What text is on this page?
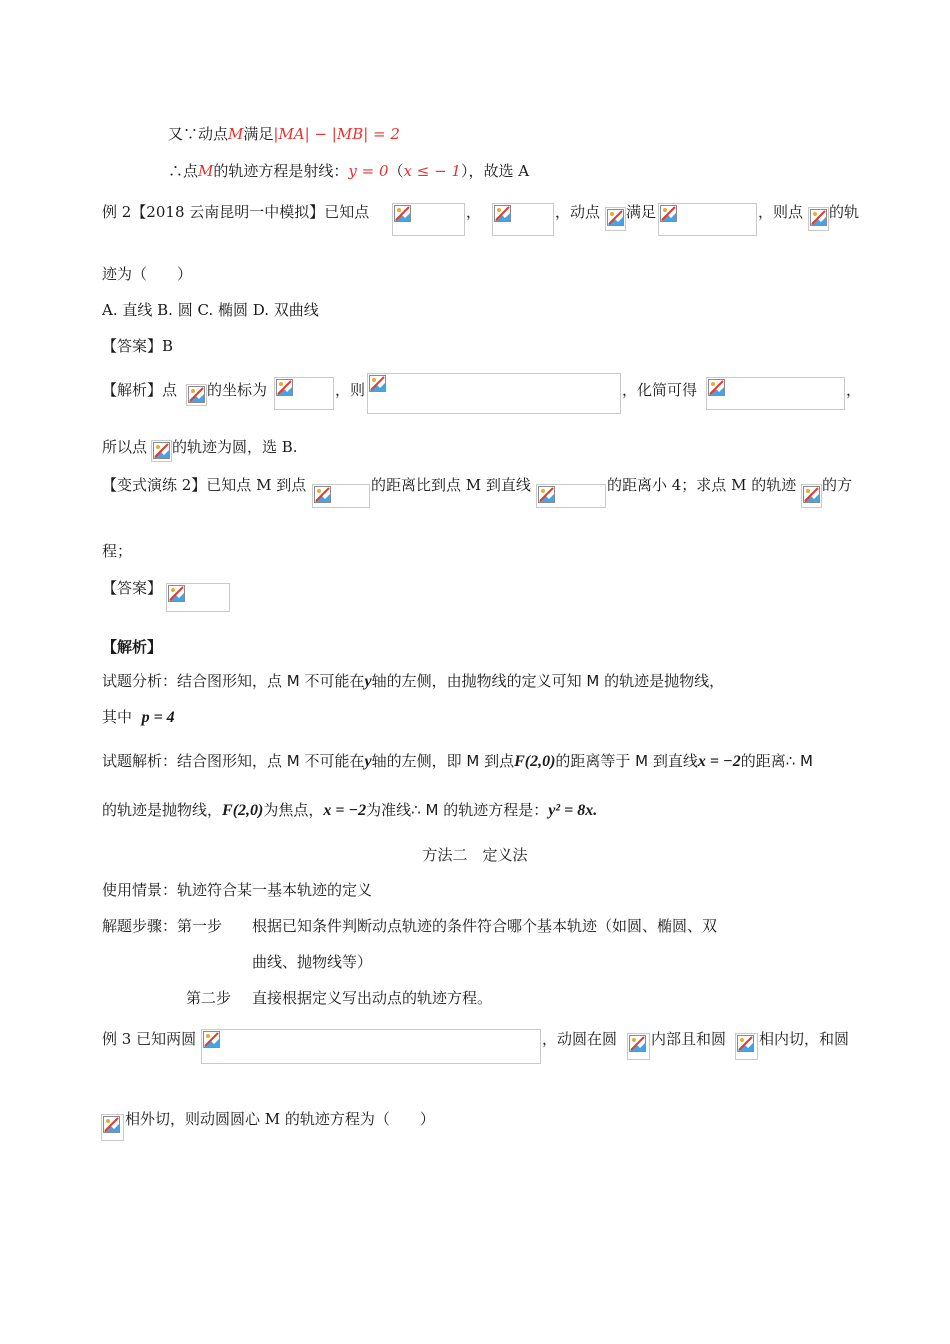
又∵动点M满足|MA| − |MB| = 2
∴点M的轨迹方程是射线：y = 0（x ≤ − 1），故选 A
例 2【2018 云南昆明一中模拟】已知点	，	，动点 满足	，则点 的轨
迹为（　　）
A. 直线 B. 圆 C. 椭圆 D. 双曲线
【答案】B
【解析】点 的坐标为	，则	，化简可得	，
所以点 的轨迹为圆，选 B.
【变式演练 2】已知点 M 到点	的距离比到点 M 到直线	的距离小 4；求点 M 的轨迹 的方
程；
【答案】
【解析】
试题分析：结合图形知，点 M 不可能在y轴的左侧，由抛物线的定义可知 M 的轨迹是抛物线，
其中 p = 4
试题解析：结合图形知，点 M 不可能在y轴的左侧，即 M 到点F(2,0)的距离等于 M 到直线x = −2的距离∴ M
的轨迹是抛物线，F(2,0)为焦点，x = −2为准线∴ M 的轨迹方程是：y² = 8x.
方法二　定义法
使用情景：轨迹符合某一基本轨迹的定义
解题步骤：第一步 根据已知条件判断动点轨迹的条件符合哪个基本轨迹（如圆、椭圆、双
曲线、抛物线等）
第二步 直接根据定义写出动点的轨迹方程。
例 3 已知两圆	，动圆在圆 内部且和圆 相内切，和圆
相外切，则动圆圆心 M 的轨迹方程为（　　）
